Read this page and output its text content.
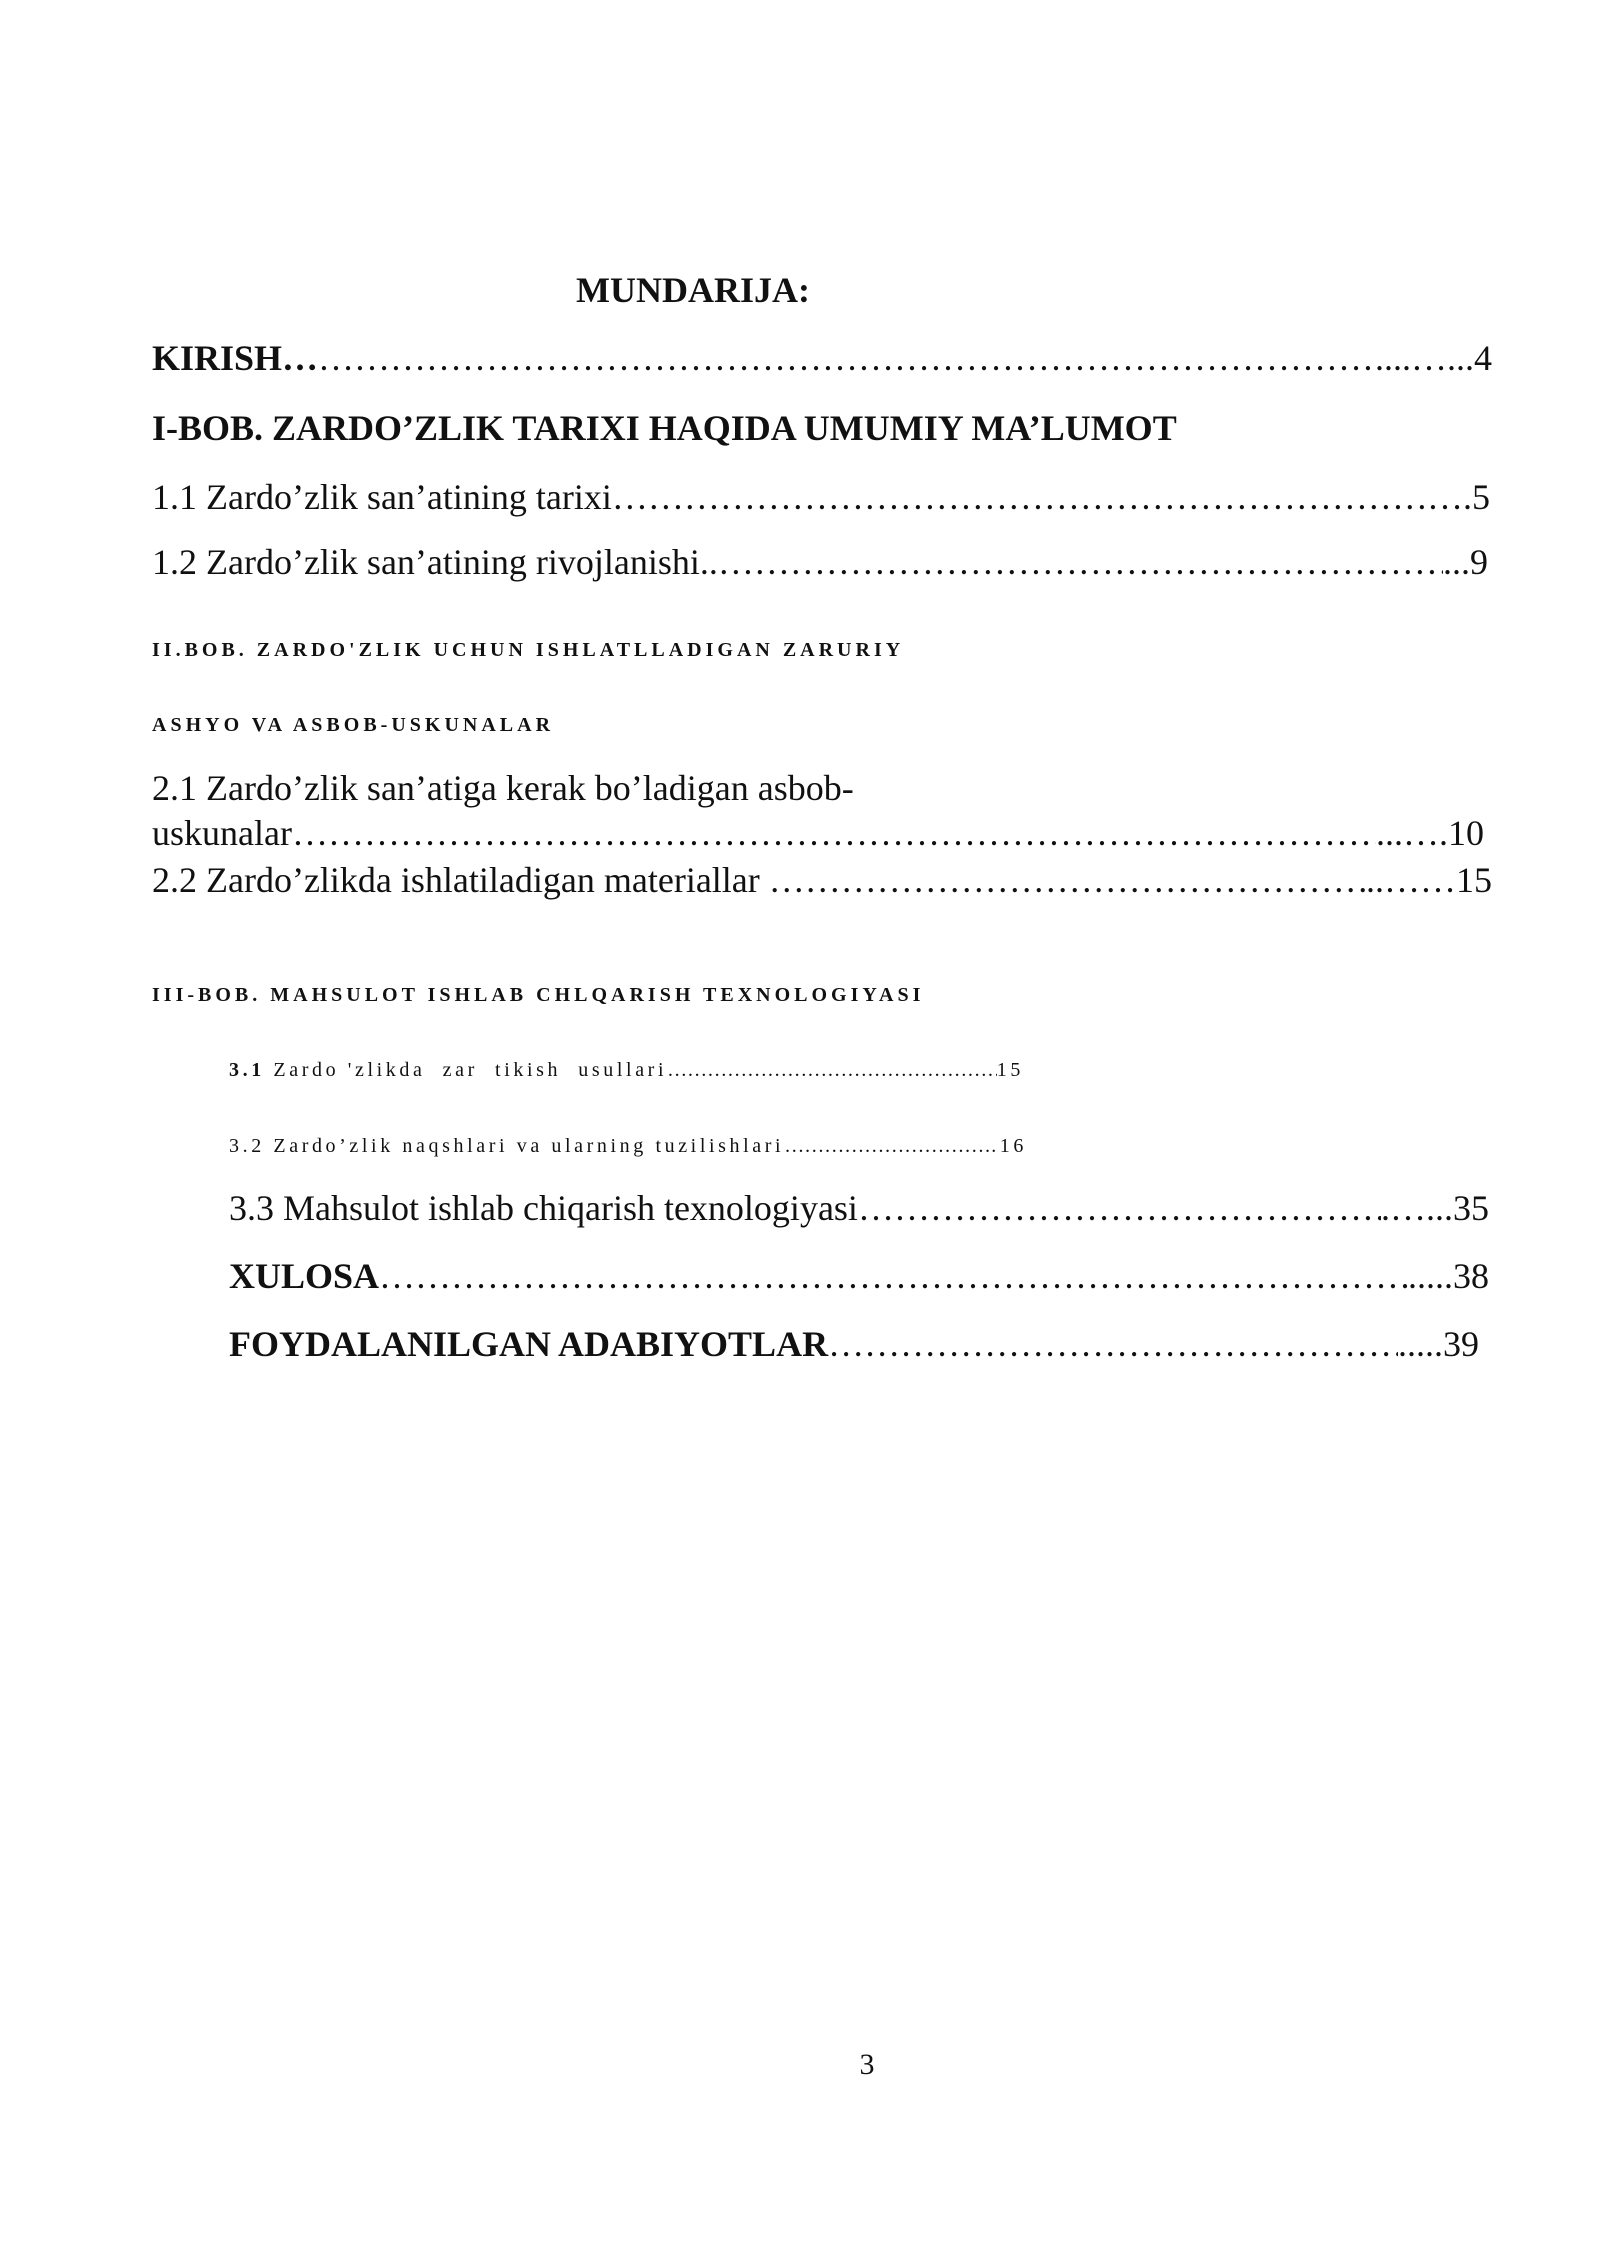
MUNDARIJA:
KIRISH… ……………………………………………………………………………………………………………………………………………………………………………………	....…...4
I-BOB. ZARDO’ZLIK TARIXI HAQIDA UMUMIY MA’LUMOT
1.1 Zardo’zlik san’atining tarixi ……………………………………………………………………………………………………………………………………………………………………………………	….5
1.2 Zardo’zlik san’atining rivojlanishi.. ……………………………………………………………………………………………………………………………………………………………………………………	...9
II.BOB. ZARDO'ZLIK UCHUN ISHLATLLADIGAN ZARURIY
ASHYO VA ASBOB-USKUNALAR
2.1 Zardo’zlik san’atiga kerak bo’ladigan asbob-
uskunalar ……………………………………………………………………………………………………………………………………………………………………………………	...….10
2.2 Zardo’zlikda ishlatiladigan materiallar ……………………………………………………………………………………………………………………………………………………………………………………	..……15
III-BOB. MAHSULOT ISHLAB CHLQARISH TEXNOLOGIYASI
3.1 Zardo 'zlikda  zar  tikish  usullari ……………………………………………………………………………………………………………………………………………………………………………………	15
3.2 Zardo’zlik naqshlari va ularning tuzilishlari ……………………………………………………………………………………………………………………………………………………………………………………	.16
3.3 Mahsulot ishlab chiqarish texnologiyasi ……………………………………………………………………………………………………………………………………………………………………………………	.…...35
XULOSA ……………………………………………………………………………………………………………………………………………………………………………………	.....38
FOYDALANILGAN ADABIYOTLAR ……………………………………………………………………………………………………………………………………………………………………………………	.....39
3
